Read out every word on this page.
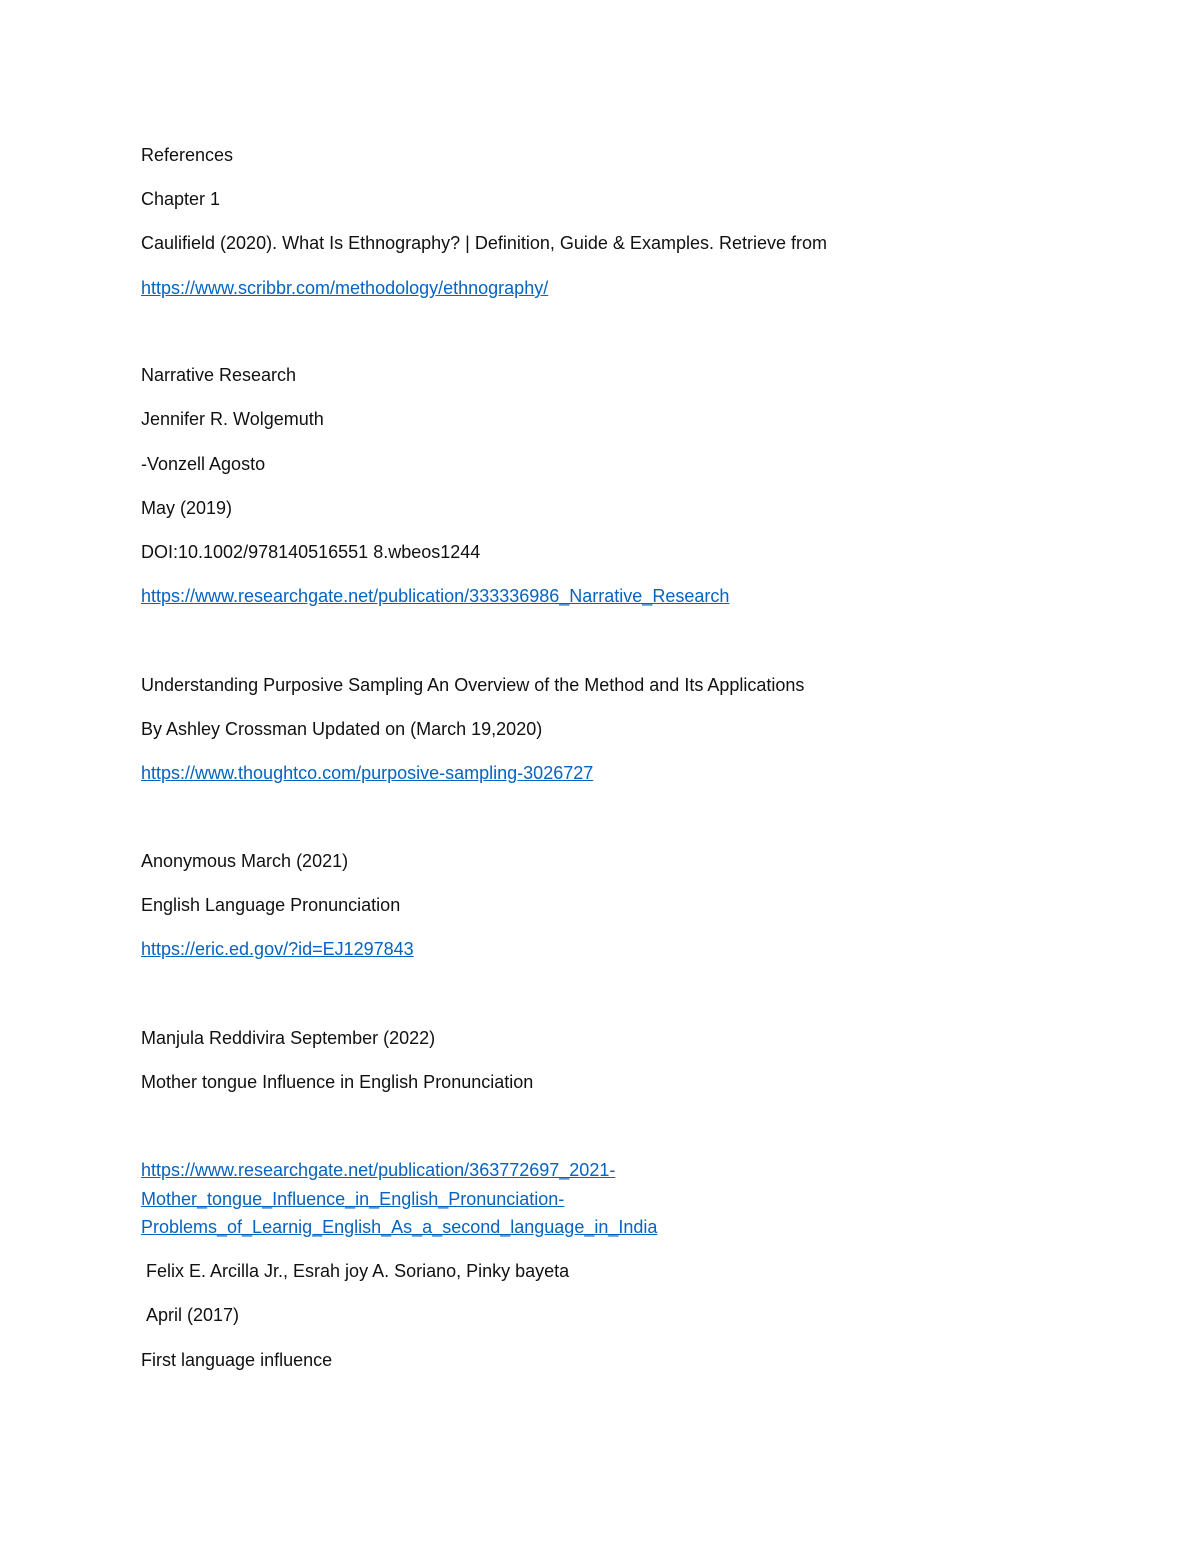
References

Chapter 1

Caulifield (2020). What Is Ethnography? | Definition, Guide & Examples. Retrieve from

https://www.scribbr.com/methodology/ethnography/

Narrative Research

Jennifer R. Wolgemuth

-Vonzell Agosto

May (2019)

DOI:10.1002/978140516551 8.wbeos1244

https://www.researchgate.net/publication/333336986_Narrative_Research

Understanding Purposive Sampling An Overview of the Method and Its Applications

By Ashley Crossman Updated on (March 19,2020)

https://www.thoughtco.com/purposive-sampling-3026727

Anonymous March (2021)

English Language Pronunciation

https://eric.ed.gov/?id=EJ1297843

Manjula Reddivira September (2022)

Mother tongue Influence in English Pronunciation

https://www.researchgate.net/publication/363772697_2021-
Mother_tongue_Influence_in_English_Pronunciation-
Problems_of_Learnig_English_As_a_second_language_in_India

Felix E. Arcilla Jr., Esrah joy A. Soriano, Pinky bayeta

April (2017)

First language influence
